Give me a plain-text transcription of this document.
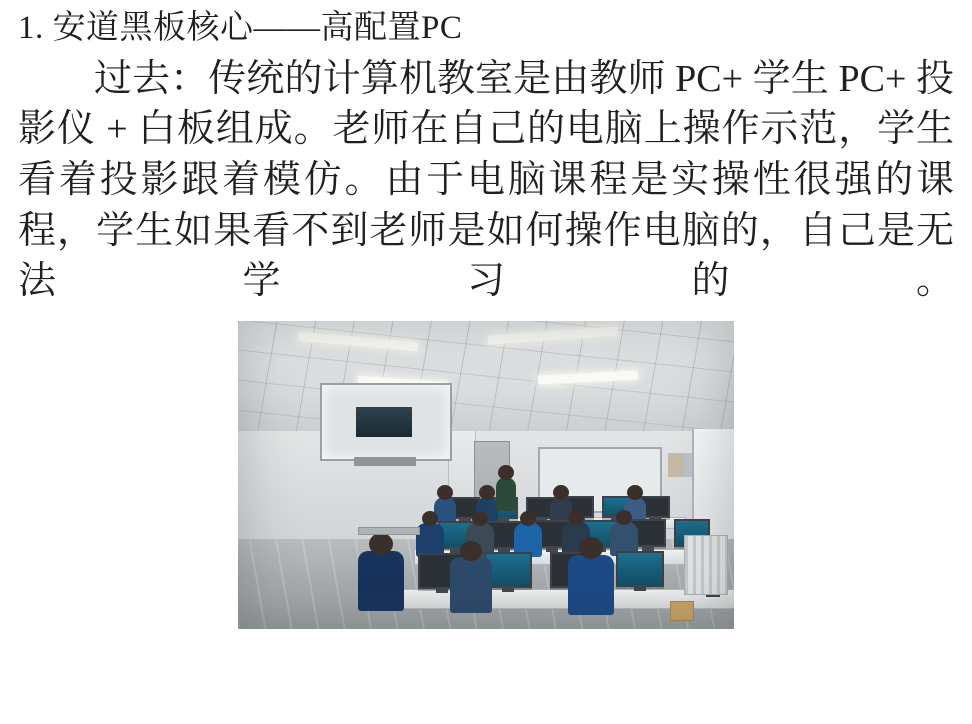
1. 安道黑板核心——高配置PC
过去：传统的计算机教室是由教师 PC+ 学生 PC+ 投影仪 + 白板组成。老师在自己的电脑上操作示范，学生看着投影跟着模仿。由于电脑课程是实操性很强的课程，学生如果看不到老师是如何操作电脑的，自己是无法学习的。
